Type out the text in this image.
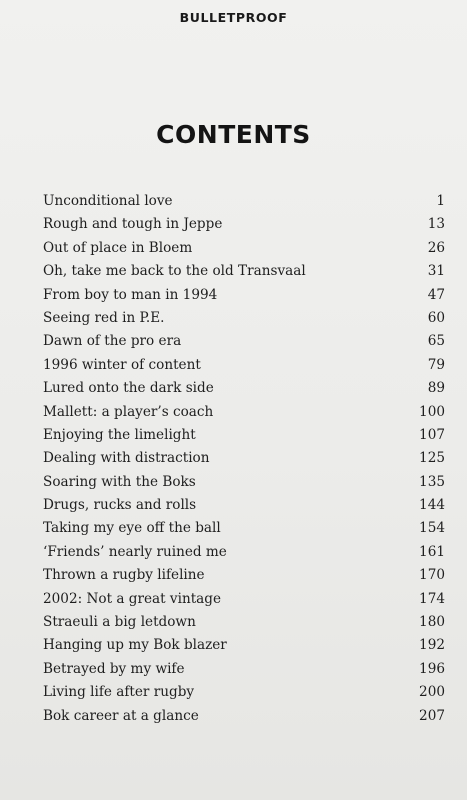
BULLETPROOF
CONTENTS
Unconditional love	1
Rough and tough in Jeppe	13
Out of place in Bloem	26
Oh, take me back to the old Transvaal	31
From boy to man in 1994	47
Seeing red in P.E.	60
Dawn of the pro era	65
1996 winter of content	79
Lured onto the dark side	89
Mallett: a player’s coach	100
Enjoying the limelight	107
Dealing with distraction	125
Soaring with the Boks	135
Drugs, rucks and rolls	144
Taking my eye off the ball	154
‘Friends’ nearly ruined me	161
Thrown a rugby lifeline	170
2002: Not a great vintage	174
Straeuli a big letdown	180
Hanging up my Bok blazer	192
Betrayed by my wife	196
Living life after rugby	200
Bok career at a glance	207
